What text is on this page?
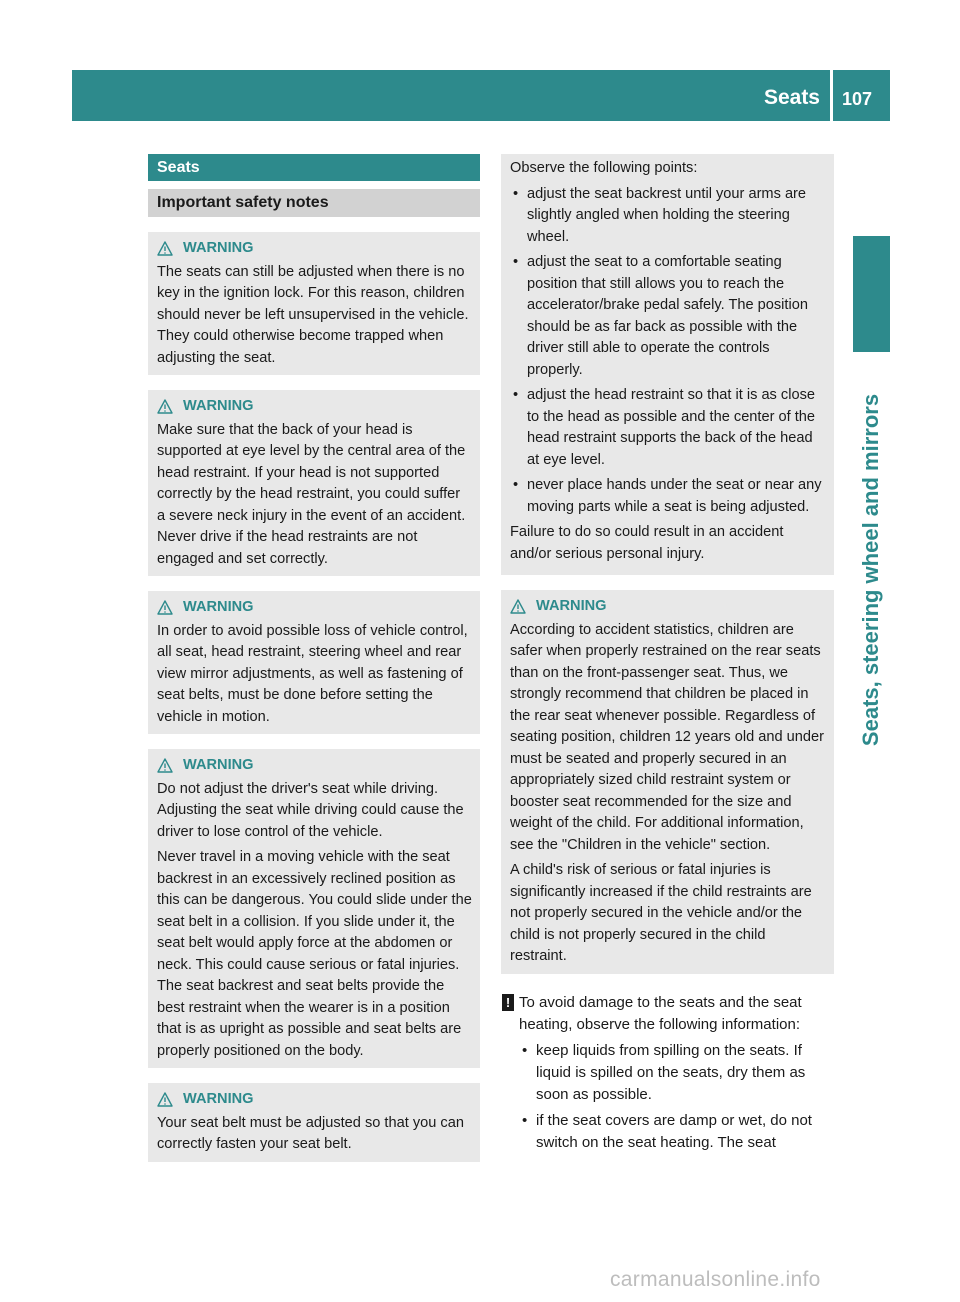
Seats 107
Seats, steering wheel and mirrors
Seats
Important safety notes
WARNING

The seats can still be adjusted when there is no key in the ignition lock. For this reason, children should never be left unsupervised in the vehicle. They could otherwise become trapped when adjusting the seat.

WARNING

Make sure that the back of your head is supported at eye level by the central area of the head restraint. If your head is not supported correctly by the head restraint, you could suffer a severe neck injury in the event of an accident. Never drive if the head restraints are not engaged and set correctly.

WARNING

In order to avoid possible loss of vehicle control, all seat, head restraint, steering wheel and rear view mirror adjustments, as well as fastening of seat belts, must be done before setting the vehicle in motion.

WARNING

Do not adjust the driver's seat while driving. Adjusting the seat while driving could cause the driver to lose control of the vehicle.

Never travel in a moving vehicle with the seat backrest in an excessively reclined position as this can be dangerous. You could slide under the seat belt in a collision. If you slide under it, the seat belt would apply force at the abdomen or neck. This could cause serious or fatal injuries. The seat backrest and seat belts provide the best restraint when the wearer is in a position that is as upright as possible and seat belts are properly positioned on the body.

WARNING

Your seat belt must be adjusted so that you can correctly fasten your seat belt.

Observe the following points:

• adjust the seat backrest until your arms are slightly angled when holding the steering wheel.
• adjust the seat to a comfortable seating position that still allows you to reach the accelerator/brake pedal safely. The position should be as far back as possible with the driver still able to operate the controls properly.
• adjust the head restraint so that it is as close to the head as possible and the center of the head restraint supports the back of the head at eye level.
• never place hands under the seat or near any moving parts while a seat is being adjusted.

Failure to do so could result in an accident and/or serious personal injury.

WARNING

According to accident statistics, children are safer when properly restrained on the rear seats than on the front-passenger seat. Thus, we strongly recommend that children be placed in the rear seat whenever possible. Regardless of seating position, children 12 years old and under must be seated and properly secured in an appropriately sized child restraint system or booster seat recommended for the size and weight of the child. For additional information, see the "Children in the vehicle" section.

A child's risk of serious or fatal injuries is significantly increased if the child restraints are not properly secured in the vehicle and/or the child is not properly secured in the child restraint.

! To avoid damage to the seats and the seat heating, observe the following information:
• keep liquids from spilling on the seats. If liquid is spilled on the seats, dry them as soon as possible.
• if the seat covers are damp or wet, do not switch on the seat heating. The seat
carmanualsonline.info
